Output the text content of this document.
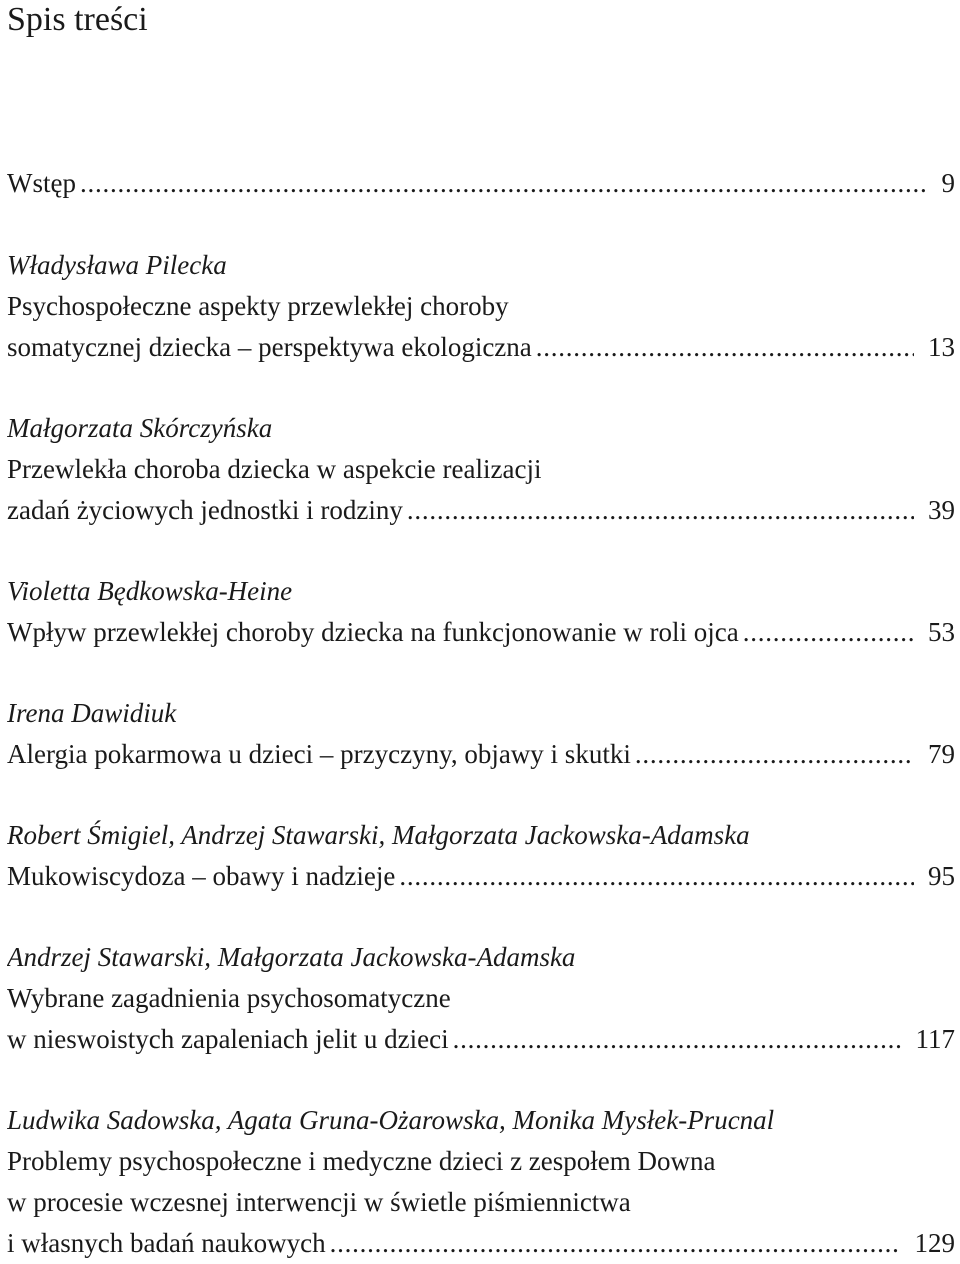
Spis treści
Wstęp . . .	9
Władysława Pilecka
Psychospołeczne aspekty przewlekłej choroby
somatycznej dziecka – perspektywa ekologiczna . . .	13
Małgorzata Skórczyńska
Przewlekła choroba dziecka w aspekcie realizacji
zadań życiowych jednostki i rodziny . . .	39
Violetta Będkowska-Heine
Wpływ przewlekłej choroby dziecka na funkcjonowanie w roli ojca . . .	53
Irena Dawidiuk
Alergia pokarmowa u dzieci – przyczyny, objawy i skutki . . .	79
Robert Śmigiel, Andrzej Stawarski, Małgorzata Jackowska-Adamska
Mukowiscydoza – obawy i nadzieje . . .	95
Andrzej Stawarski, Małgorzata Jackowska-Adamska
Wybrane zagadnienia psychosomatyczne
w nieswoistych zapaleniach jelit u dzieci . . .	117
Ludwika Sadowska, Agata Gruna-Ożarowska, Monika Mysłek-Prucnal
Problemy psychospołeczne i medyczne dzieci z zespołem Downa
w procesie wczesnej interwencji w świetle piśmiennictwa
i własnych badań naukowych . . .	129
